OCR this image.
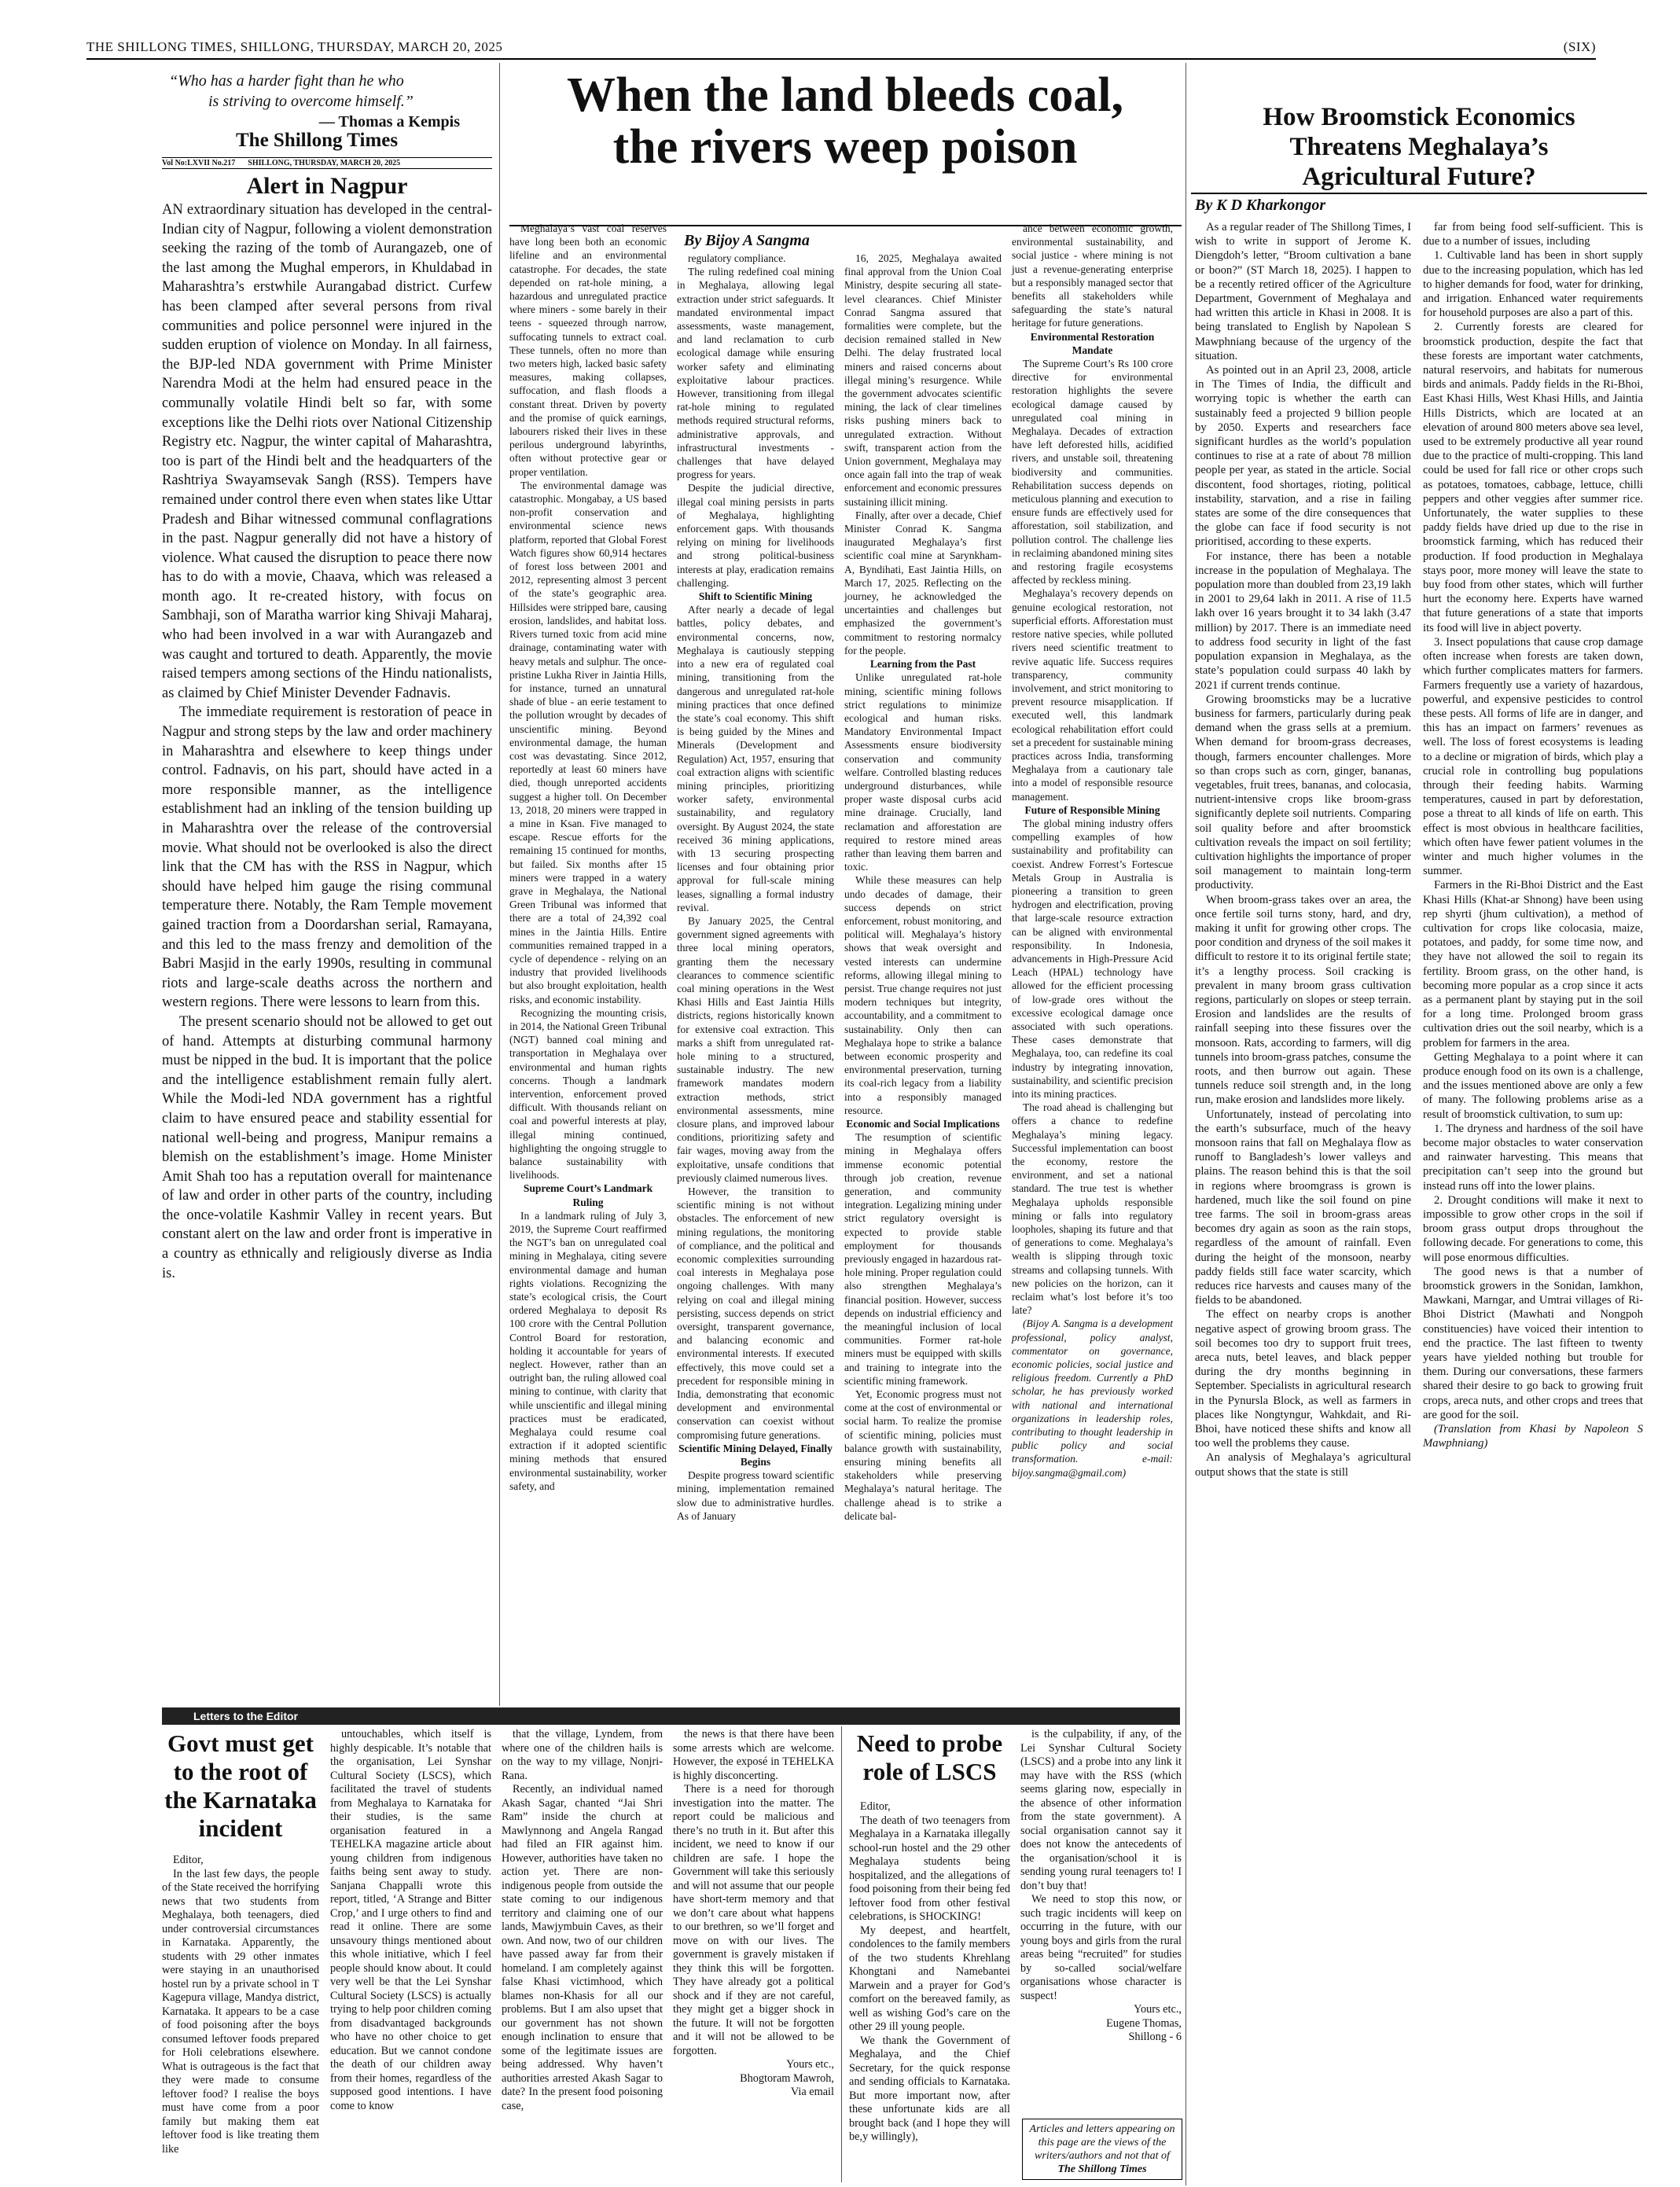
THE SHILLONG TIMES, SHILLONG, THURSDAY, MARCH 20, 2025	(SIX)
“Who has a harder fight than he who
is striving to overcome himself.”
— Thomas a Kempis
The Shillong Times
Vol No:LXVII No.217 SHILLONG, THURSDAY, MARCH 20, 2025
Alert in Nagpur

AN extraordinary situation has developed in the central-Indian city of Nagpur, following a violent demonstration seeking the razing of the tomb of Aurangazeb, one of the last among the Mughal emperors, in Khuldabad in Maharashtra’s erstwhile Aurangabad district. Curfew has been clamped after several persons from rival communities and police personnel were injured in the sudden eruption of violence on Monday. In all fairness, the BJP-led NDA government with Prime Minister Narendra Modi at the helm had ensured peace in the communally volatile Hindi belt so far, with some exceptions like the Delhi riots over National Citizenship Registry etc. Nagpur, the winter capital of Maharashtra, too is part of the Hindi belt and the headquarters of the Rashtriya Swayamsevak Sangh (RSS). Tempers have remained under control there even when states like Uttar Pradesh and Bihar witnessed communal conflagrations in the past. Nagpur generally did not have a history of violence. What caused the disruption to peace there now has to do with a movie, Chaava, which was released a month ago. It re-created history, with focus on Sambhaji, son of Maratha warrior king Shivaji Maharaj, who had been involved in a war with Aurangazeb and was caught and tortured to death. Apparently, the movie raised tempers among sections of the Hindu nationalists, as claimed by Chief Minister Devender Fadnavis.

The immediate requirement is restoration of peace in Nagpur and strong steps by the law and order machinery in Maharashtra and elsewhere to keep things under control. Fadnavis, on his part, should have acted in a more responsible manner, as the intelligence establishment had an inkling of the tension building up in Maharashtra over the release of the controversial movie. What should not be overlooked is also the direct link that the CM has with the RSS in Nagpur, which should have helped him gauge the rising communal temperature there. Notably, the Ram Temple movement gained traction from a Doordarshan serial, Ramayana, and this led to the mass frenzy and demolition of the Babri Masjid in the early 1990s, resulting in communal riots and large-scale deaths across the northern and western regions. There were lessons to learn from this.

The present scenario should not be allowed to get out of hand. Attempts at disturbing communal harmony must be nipped in the bud. It is important that the police and the intelligence establishment remain fully alert. While the Modi-led NDA government has a rightful claim to have ensured peace and stability essential for national well-being and progress, Manipur remains a blemish on the establishment’s image. Home Minister Amit Shah too has a reputation overall for maintenance of law and order in other parts of the country, including the once-volatile Kashmir Valley in recent years. But constant alert on the law and order front is imperative in a country as ethnically and religiously diverse as India is.

When the land bleeds coal,
the rivers weep poison
By Bijoy A Sangma

Meghalaya’s vast coal reserves have long been both an economic lifeline and an environmental catastrophe. For decades, the state depended on rat-hole mining, a hazardous and unregulated practice where miners - some barely in their teens - squeezed through narrow, suffocating tunnels to extract coal. These tunnels, often no more than two meters high, lacked basic safety measures, making collapses, suffocation, and flash floods a constant threat. Driven by poverty and the promise of quick earnings, labourers risked their lives in these perilous underground labyrinths, often without protective gear or proper ventilation.

The environmental damage was catastrophic. Mongabay, a US based non-profit conservation and environmental science news platform, reported that Global Forest Watch figures show 60,914 hectares of forest loss between 2001 and 2012, representing almost 3 percent of the state’s geographic area. Hillsides were stripped bare, causing erosion, landslides, and habitat loss. Rivers turned toxic from acid mine drainage, contaminating water with heavy metals and sulphur. The once-pristine Lukha River in Jaintia Hills, for instance, turned an unnatural shade of blue - an eerie testament to the pollution wrought by decades of unscientific mining. Beyond environmental damage, the human cost was devastating. Since 2012, reportedly at least 60 miners have died, though unreported accidents suggest a higher toll. On December 13, 2018, 20 miners were trapped in a mine in Ksan. Five managed to escape. Rescue efforts for the remaining 15 continued for months, but failed. Six months after 15 miners were trapped in a watery grave in Meghalaya, the National Green Tribunal was informed that there are a total of 24,392 coal mines in the Jaintia Hills. Entire communities remained trapped in a cycle of dependence - relying on an industry that provided livelihoods but also brought exploitation, health risks, and economic instability.

Recognizing the mounting crisis, in 2014, the National Green Tribunal (NGT) banned coal mining and transportation in Meghalaya over environmental and human rights concerns. Though a landmark intervention, enforcement proved difficult. With thousands reliant on coal and powerful interests at play, illegal mining continued, highlighting the ongoing struggle to balance sustainability with livelihoods.

Supreme Court’s Landmark Ruling

In a landmark ruling of July 3, 2019, the Supreme Court reaffirmed the NGT’s ban on unregulated coal mining in Meghalaya, citing severe environmental damage and human rights violations. Recognizing the state’s ecological crisis, the Court ordered Meghalaya to deposit Rs 100 crore with the Central Pollution Control Board for restoration, holding it accountable for years of neglect. However, rather than an outright ban, the ruling allowed coal mining to continue, with clarity that while unscientific and illegal mining practices must be eradicated, Meghalaya could resume coal extraction if it adopted scientific mining methods that ensured environmental sustainability, worker safety, and

regulatory compliance.

The ruling redefined coal mining in Meghalaya, allowing legal extraction under strict safeguards. It mandated environmental impact assessments, waste management, and land reclamation to curb ecological damage while ensuring worker safety and eliminating exploitative labour practices. However, transitioning from illegal rat-hole mining to regulated methods required structural reforms, administrative approvals, and infrastructural investments - challenges that have delayed progress for years.

Despite the judicial directive, illegal coal mining persists in parts of Meghalaya, highlighting enforcement gaps. With thousands relying on mining for livelihoods and strong political-business interests at play, eradication remains challenging.

Shift to Scientific Mining

After nearly a decade of legal battles, policy debates, and environmental concerns, now, Meghalaya is cautiously stepping into a new era of regulated coal mining, transitioning from the dangerous and unregulated rat-hole mining practices that once defined the state’s coal economy. This shift is being guided by the Mines and Minerals (Development and Regulation) Act, 1957, ensuring that coal extraction aligns with scientific mining principles, prioritizing worker safety, environmental sustainability, and regulatory oversight. By August 2024, the state received 36 mining applications, with 13 securing prospecting licenses and four obtaining prior approval for full-scale mining leases, signalling a formal industry revival.

By January 2025, the Central government signed agreements with three local mining operators, granting them the necessary clearances to commence scientific coal mining operations in the West Khasi Hills and East Jaintia Hills districts, regions historically known for extensive coal extraction. This marks a shift from unregulated rat-hole mining to a structured, sustainable industry. The new framework mandates modern extraction methods, strict environmental assessments, mine closure plans, and improved labour conditions, prioritizing safety and fair wages, moving away from the exploitative, unsafe conditions that previously claimed numerous lives.

However, the transition to scientific mining is not without obstacles. The enforcement of new mining regulations, the monitoring of compliance, and the political and economic complexities surrounding coal interests in Meghalaya pose ongoing challenges. With many relying on coal and illegal mining persisting, success depends on strict oversight, transparent governance, and balancing economic and environmental interests. If executed effectively, this move could set a precedent for responsible mining in India, demonstrating that economic development and environmental conservation can coexist without compromising future generations.

Scientific Mining Delayed, Finally Begins

Despite progress toward scientific mining, implementation remained slow due to administrative hurdles. As of January

16, 2025, Meghalaya awaited final approval from the Union Coal Ministry, despite securing all state-level clearances. Chief Minister Conrad Sangma assured that formalities were complete, but the decision remained stalled in New Delhi. The delay frustrated local miners and raised concerns about illegal mining’s resurgence. While the government advocates scientific mining, the lack of clear timelines risks pushing miners back to unregulated extraction. Without swift, transparent action from the Union government, Meghalaya may once again fall into the trap of weak enforcement and economic pressures sustaining illicit mining.

Finally, after over a decade, Chief Minister Conrad K. Sangma inaugurated Meghalaya’s first scientific coal mine at Sarynkham-A, Byndihati, East Jaintia Hills, on March 17, 2025. Reflecting on the journey, he acknowledged the uncertainties and challenges but emphasized the government’s commitment to restoring normalcy for the people.

Learning from the Past

Unlike unregulated rat-hole mining, scientific mining follows strict regulations to minimize ecological and human risks. Mandatory Environmental Impact Assessments ensure biodiversity conservation and community welfare. Controlled blasting reduces underground disturbances, while proper waste disposal curbs acid mine drainage. Crucially, land reclamation and afforestation are required to restore mined areas rather than leaving them barren and toxic.

While these measures can help undo decades of damage, their success depends on strict enforcement, robust monitoring, and political will. Meghalaya’s history shows that weak oversight and vested interests can undermine reforms, allowing illegal mining to persist. True change requires not just modern techniques but integrity, accountability, and a commitment to sustainability. Only then can Meghalaya hope to strike a balance between economic prosperity and environmental preservation, turning its coal-rich legacy from a liability into a responsibly managed resource.

Economic and Social Implications

The resumption of scientific mining in Meghalaya offers immense economic potential through job creation, revenue generation, and community integration. Legalizing mining under strict regulatory oversight is expected to provide stable employment for thousands previously engaged in hazardous rat-hole mining. Proper regulation could also strengthen Meghalaya’s financial position. However, success depends on industrial efficiency and the meaningful inclusion of local communities. Former rat-hole miners must be equipped with skills and training to integrate into the scientific mining framework.

Yet, Economic progress must not come at the cost of environmental or social harm. To realize the promise of scientific mining, policies must balance growth with sustainability, ensuring mining benefits all stakeholders while preserving Meghalaya’s natural heritage. The challenge ahead is to strike a delicate bal-

ance between economic growth, environmental sustainability, and social justice - where mining is not just a revenue-generating enterprise but a responsibly managed sector that benefits all stakeholders while safeguarding the state’s natural heritage for future generations.

Environmental Restoration Mandate

The Supreme Court’s Rs 100 crore directive for environmental restoration highlights the severe ecological damage caused by unregulated coal mining in Meghalaya. Decades of extraction have left deforested hills, acidified rivers, and unstable soil, threatening biodiversity and communities. Rehabilitation success depends on meticulous planning and execution to ensure funds are effectively used for afforestation, soil stabilization, and pollution control. The challenge lies in reclaiming abandoned mining sites and restoring fragile ecosystems affected by reckless mining.

Meghalaya’s recovery depends on genuine ecological restoration, not superficial efforts. Afforestation must restore native species, while polluted rivers need scientific treatment to revive aquatic life. Success requires transparency, community involvement, and strict monitoring to prevent resource misapplication. If executed well, this landmark ecological rehabilitation effort could set a precedent for sustainable mining practices across India, transforming Meghalaya from a cautionary tale into a model of responsible resource management.

Future of Responsible Mining

The global mining industry offers compelling examples of how sustainability and profitability can coexist. Andrew Forrest’s Fortescue Metals Group in Australia is pioneering a transition to green hydrogen and electrification, proving that large-scale resource extraction can be aligned with environmental responsibility. In Indonesia, advancements in High-Pressure Acid Leach (HPAL) technology have allowed for the efficient processing of low-grade ores without the excessive ecological damage once associated with such operations. These cases demonstrate that Meghalaya, too, can redefine its coal industry by integrating innovation, sustainability, and scientific precision into its mining practices.

The road ahead is challenging but offers a chance to redefine Meghalaya’s mining legacy. Successful implementation can boost the economy, restore the environment, and set a national standard. The true test is whether Meghalaya upholds responsible mining or falls into regulatory loopholes, shaping its future and that of generations to come. Meghalaya’s wealth is slipping through toxic streams and collapsing tunnels. With new policies on the horizon, can it reclaim what’s lost before it’s too late?

(Bijoy A. Sangma is a development professional, policy analyst, commentator on governance, economic policies, social justice and religious freedom. Currently a PhD scholar, he has previously worked with national and international organizations in leadership roles, contributing to thought leadership in public policy and social transformation. e-mail: bijoy.sangma@gmail.com)

How Broomstick Economics
Threatens Meghalaya’s
Agricultural Future?
By K D Kharkongor

As a regular reader of The Shillong Times, I wish to write in support of Jerome K. Diengdoh’s letter, “Broom cultivation a bane or boon?” (ST March 18, 2025). I happen to be a recently retired officer of the Agriculture Department, Government of Meghalaya and had written this article in Khasi in 2008. It is being translated to English by Napolean S Mawphniang because of the urgency of the situation.

As pointed out in an April 23, 2008, article in The Times of India, the difficult and worrying topic is whether the earth can sustainably feed a projected 9 billion people by 2050. Experts and researchers face significant hurdles as the world’s population continues to rise at a rate of about 78 million people per year, as stated in the article. Social discontent, food shortages, rioting, political instability, starvation, and a rise in failing states are some of the dire consequences that the globe can face if food security is not prioritised, according to these experts.

For instance, there has been a notable increase in the population of Meghalaya. The population more than doubled from 23,19 lakh in 2001 to 29,64 lakh in 2011. A rise of 11.5 lakh over 16 years brought it to 34 lakh (3.47 million) by 2017. There is an immediate need to address food security in light of the fast population expansion in Meghalaya, as the state’s population could surpass 40 lakh by 2021 if current trends continue.

Growing broomsticks may be a lucrative business for farmers, particularly during peak demand when the grass sells at a premium. When demand for broom-grass decreases, though, farmers encounter challenges. More so than crops such as corn, ginger, bananas, vegetables, fruit trees, bananas, and colocasia, nutrient-intensive crops like broom-grass significantly deplete soil nutrients. Comparing soil quality before and after broomstick cultivation reveals the impact on soil fertility; cultivation highlights the importance of proper soil management to maintain long-term productivity.

When broom-grass takes over an area, the once fertile soil turns stony, hard, and dry, making it unfit for growing other crops. The poor condition and dryness of the soil makes it difficult to restore it to its original fertile state; it’s a lengthy process. Soil cracking is prevalent in many broom grass cultivation regions, particularly on slopes or steep terrain. Erosion and landslides are the results of rainfall seeping into these fissures over the monsoon. Rats, according to farmers, will dig tunnels into broom-grass patches, consume the roots, and then burrow out again. These tunnels reduce soil strength and, in the long run, make erosion and landslides more likely.

Unfortunately, instead of percolating into the earth’s subsurface, much of the heavy monsoon rains that fall on Meghalaya flow as runoff to Bangladesh’s lower valleys and plains. The reason behind this is that the soil in regions where broomgrass is grown is hardened, much like the soil found on pine tree farms. The soil in broom-grass areas becomes dry again as soon as the rain stops, regardless of the amount of rainfall. Even during the height of the monsoon, nearby paddy fields still face water scarcity, which reduces rice harvests and causes many of the fields to be abandoned.

The effect on nearby crops is another negative aspect of growing broom grass. The soil becomes too dry to support fruit trees, areca nuts, betel leaves, and black pepper during the dry months beginning in September. Specialists in agricultural research in the Pynursla Block, as well as farmers in places like Nongtyngur, Wahkdait, and Ri-Bhoi, have noticed these shifts and know all too well the problems they cause.

An analysis of Meghalaya’s agricultural output shows that the state is still

far from being food self-sufficient. This is due to a number of issues, including

1. Cultivable land has been in short supply due to the increasing population, which has led to higher demands for food, water for drinking, and irrigation. Enhanced water requirements for household purposes are also a part of this.

2. Currently forests are cleared for broomstick production, despite the fact that these forests are important water catchments, natural reservoirs, and habitats for numerous birds and animals. Paddy fields in the Ri-Bhoi, East Khasi Hills, West Khasi Hills, and Jaintia Hills Districts, which are located at an elevation of around 800 meters above sea level, used to be extremely productive all year round due to the practice of multi-cropping. This land could be used for fall rice or other crops such as potatoes, tomatoes, cabbage, lettuce, chilli peppers and other veggies after summer rice. Unfortunately, the water supplies to these paddy fields have dried up due to the rise in broomstick farming, which has reduced their production. If food production in Meghalaya stays poor, more money will leave the state to buy food from other states, which will further hurt the economy here. Experts have warned that future generations of a state that imports its food will live in abject poverty.

3. Insect populations that cause crop damage often increase when forests are taken down, which further complicates matters for farmers. Farmers frequently use a variety of hazardous, powerful, and expensive pesticides to control these pests. All forms of life are in danger, and this has an impact on farmers’ revenues as well. The loss of forest ecosystems is leading to a decline or migration of birds, which play a crucial role in controlling bug populations through their feeding habits. Warming temperatures, caused in part by deforestation, pose a threat to all kinds of life on earth. This effect is most obvious in healthcare facilities, which often have fewer patient volumes in the winter and much higher volumes in the summer.

Farmers in the Ri-Bhoi District and the East Khasi Hills (Khat-ar Shnong) have been using rep shyrti (jhum cultivation), a method of cultivation for crops like colocasia, maize, potatoes, and paddy, for some time now, and they have not allowed the soil to regain its fertility. Broom grass, on the other hand, is becoming more popular as a crop since it acts as a permanent plant by staying put in the soil for a long time. Prolonged broom grass cultivation dries out the soil nearby, which is a problem for farmers in the area.

Getting Meghalaya to a point where it can produce enough food on its own is a challenge, and the issues mentioned above are only a few of many. The following problems arise as a result of broomstick cultivation, to sum up:

1. The dryness and hardness of the soil have become major obstacles to water conservation and rainwater harvesting. This means that precipitation can’t seep into the ground but instead runs off into the lower plains.

2. Drought conditions will make it next to impossible to grow other crops in the soil if broom grass output drops throughout the following decade. For generations to come, this will pose enormous difficulties.

The good news is that a number of broomstick growers in the Sonidan, Iamkhon, Mawkani, Marngar, and Umtrai villages of Ri-Bhoi District (Mawhati and Nongpoh constituencies) have voiced their intention to end the practice. The last fifteen to twenty years have yielded nothing but trouble for them. During our conversations, these farmers shared their desire to go back to growing fruit crops, areca nuts, and other crops and trees that are good for the soil.

(Translation from Khasi by Napoleon S Mawphniang)

Letters to the Editor
Govt must get to the root of the Karnataka incident

Editor,

In the last few days, the people of the State received the horrifying news that two students from Meghalaya, both teenagers, died under controversial circumstances in Karnataka. Apparently, the students with 29 other inmates were staying in an unauthorised hostel run by a private school in T Kagepura village, Mandya district, Karnataka. It appears to be a case of food poisoning after the boys consumed leftover foods prepared for Holi celebrations elsewhere. What is outrageous is the fact that they were made to consume leftover food? I realise the boys must have come from a poor family but making them eat leftover food is like treating them like

untouchables, which itself is highly despicable. It’s notable that the organisation, Lei Synshar Cultural Society (LSCS), which facilitated the travel of students from Meghalaya to Karnataka for their studies, is the same organisation featured in a TEHELKA magazine article about young children from indigenous faiths being sent away to study. Sanjana Chappalli wrote this report, titled, ‘A Strange and Bitter Crop,’ and I urge others to find and read it online. There are some unsavoury things mentioned about this whole initiative, which I feel people should know about. It could very well be that the Lei Synshar Cultural Society (LSCS) is actually trying to help poor children coming from disadvantaged backgrounds who have no other choice to get education. But we cannot condone the death of our children away from their homes, regardless of the supposed good intentions. I have come to know

that the village, Lyndem, from where one of the children hails is on the way to my village, Nonjri-Rana.

Recently, an individual named Akash Sagar, chanted “Jai Shri Ram” inside the church at Mawlynnong and Angela Rangad had filed an FIR against him. However, authorities have taken no action yet. There are non-indigenous people from outside the state coming to our indigenous territory and claiming one of our lands, Mawjymbuin Caves, as their own. And now, two of our children have passed away far from their homeland. I am completely against false Khasi victimhood, which blames non-Khasis for all our problems. But I am also upset that our government has not shown enough inclination to ensure that some of the legitimate issues are being addressed. Why haven’t authorities arrested Akash Sagar to date? In the present food poisoning case,

the news is that there have been some arrests which are welcome. However, the exposé in TEHELKA is highly disconcerting.

There is a need for thorough investigation into the matter. The report could be malicious and there’s no truth in it. But after this incident, we need to know if our children are safe. I hope the Government will take this seriously and will not assume that our people have short-term memory and that we don’t care about what happens to our brethren, so we’ll forget and move on with our lives. The government is gravely mistaken if they think this will be forgotten. They have already got a political shock and if they are not careful, they might get a bigger shock in the future. It will not be forgotten and it will not be allowed to be forgotten.

Yours etc.,

Bhogtoram Mawroh,

Via email

Need to probe role of LSCS

Editor,

The death of two teenagers from Meghalaya in a Karnataka illegally school-run hostel and the 29 other Meghalaya students being hospitalized, and the allegations of food poisoning from their being fed leftover food from other festival celebrations, is SHOCKING!

My deepest, and heartfelt, condolences to the family members of the two students Khrehlang Khongtani and Namebantei Marwein and a prayer for God’s comfort on the bereaved family, as well as wishing God’s care on the other 29 ill young people.

We thank the Government of Meghalaya, and the Chief Secretary, for the quick response and sending officials to Karnataka. But more important now, after these unfortunate kids are all brought back (and I hope they will be,y willingly),

is the culpability, if any, of the Lei Synshar Cultural Society (LSCS) and a probe into any link it may have with the RSS (which seems glaring now, especially in the absence of other information from the state government). A social organisation cannot say it does not know the antecedents of the organisation/school it is sending young rural teenagers to! I don’t buy that!

We need to stop this now, or such tragic incidents will keep on occurring in the future, with our young boys and girls from the rural areas being “recruited” for studies by so-called social/welfare organisations whose character is suspect!

Yours etc.,

Eugene Thomas,

Shillong - 6

Articles and letters appearing on this page are the views of the writers/authors and not that of The Shillong Times
